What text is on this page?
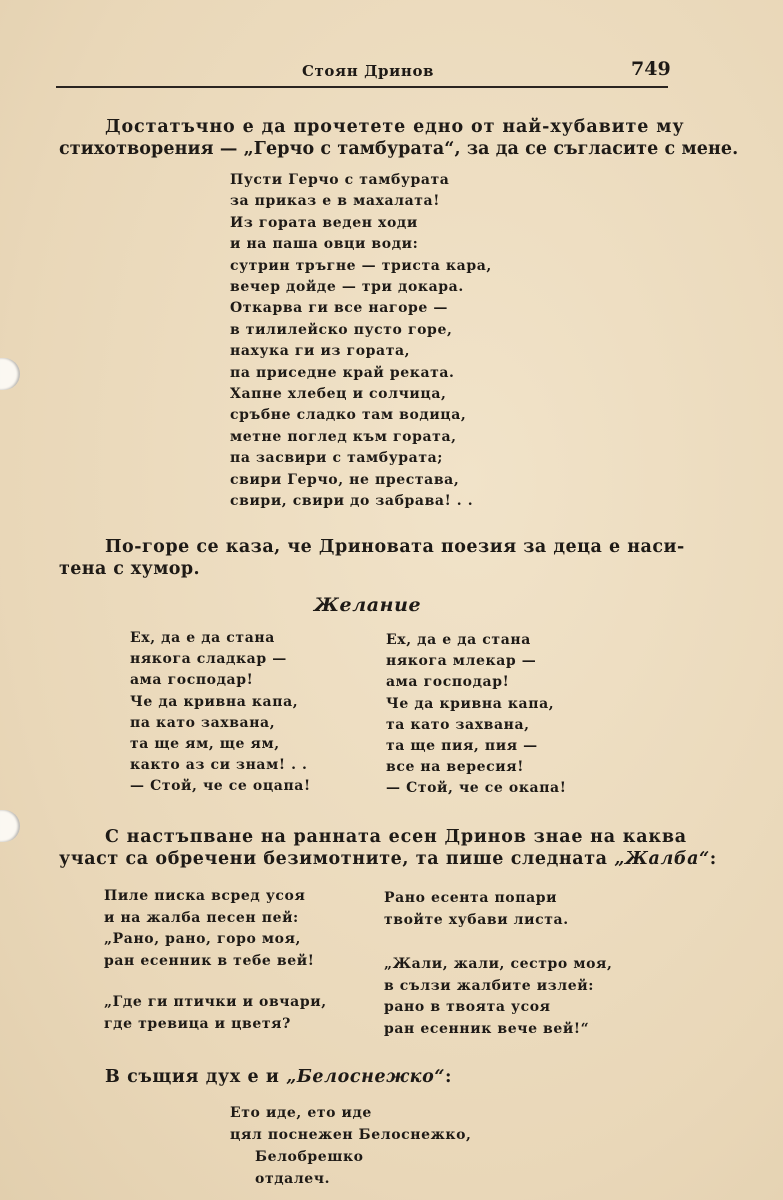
Стоян Дринов	749
Достатъчно е да прочетете едно от най-хубавите му
стихотворения — „Герчо с тамбурата“, за да се съгласите с мене.
Пусти Герчо с тамбурата
за приказ е в махалата!
Из горaта веден ходи
и на паша овци води:
сутрин тръгне — триста кара,
вечер дойде — три докара.
Откарва ги все нагоре —
в тилилейско пусто горе,
нахука ги из горaта,
па приседне край реката.
Хапне хлебец и солчица,
сръбне сладко там водица,
метне поглед към горaта,
па засвири с тамбурата;
свири Герчо, не престава,
свири, свири до забрава! . .
По-горе се каза, че Дриновата поезия за деца е наси-
тена с хумор.
Желание
Ех, да е да стана
някога сладкар —
ама господар!
Че да кривна капа,
па като захвана,
та ще ям, ще ям,
както аз си знам! . .
— Стой, че се оцапа!
Ех, да е да стана
някога млекар —
ама господар!
Че да кривна капа,
та като захвана,
та ще пия, пия —
все на вересия!
— Стой, че се окапа!
С настъпване на ранната есен Дринов знае на каква
участ са обречени безимотните, та пише следната „Жалба“:
Пиле писка всред усоя
и на жалба песен пей:
„Рано, рано, горо моя,
ран есенник в тебе вей!
„Где ги птички и овчари,
где тревица и цветя?
Рано есента попари
твойте хубави листа.
„Жали, жали, сестро моя,
в сълзи жалбите излей:
рано в твоята усоя
ран есенник вече вей!“
В същия дух е и „Белоснежко“:
Ето иде, ето иде
цял поснежен Белоснежко,
Белобрешко
отдалеч.
